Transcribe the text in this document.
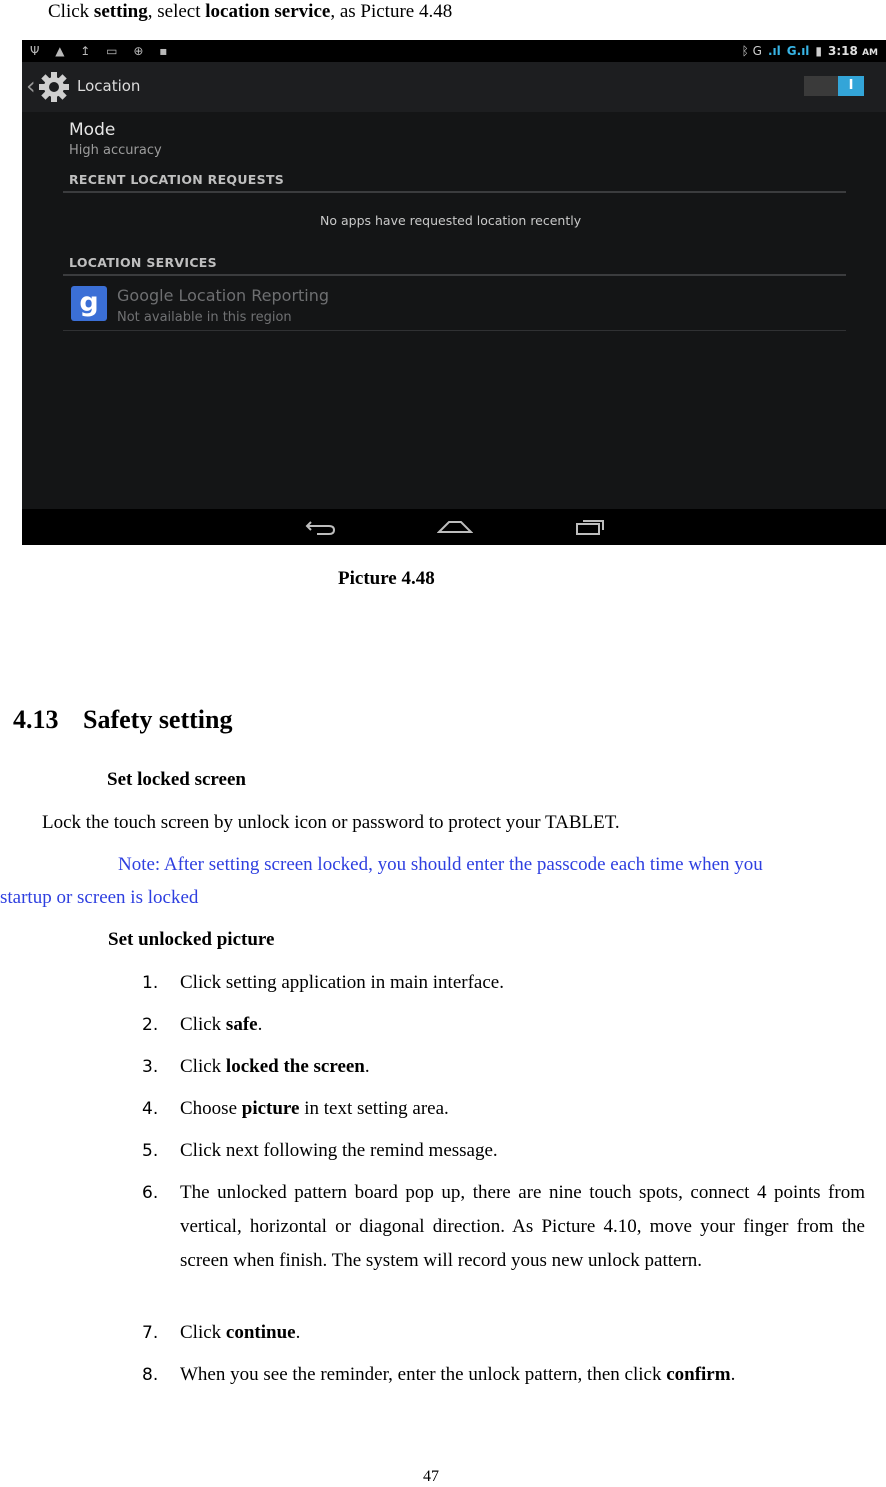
Click setting, select location service, as Picture 4.48
Ψ ▲ ↥ ▭ ⊕ ▪	ᛒ G .ıl G.ıl ▮ 3:18 AM
‹	Location	I
Mode
High accuracy
RECENT LOCATION REQUESTS
No apps have requested location recently
LOCATION SERVICES
g	Google Location Reporting
Not available in this region
Picture 4.48
4.13 Safety setting
Set locked screen
Lock the touch screen by unlock icon or password to protect your TABLET.
Note: After setting screen locked, you should enter the passcode each time when you
startup or screen is locked
Set unlocked picture
1.	Click setting application in main interface.
2.	Click safe.
3.	Click locked the screen.
4.	Choose picture in text setting area.
5.	Click next following the remind message.
6.	The unlocked pattern board pop up, there are nine touch spots, connect 4 points from vertical, horizontal or diagonal direction. As Picture 4.10, move your finger from the screen when finish. The system will record yous new unlock pattern.
7.	Click continue.
8.	When you see the reminder, enter the unlock pattern, then click confirm.
47
